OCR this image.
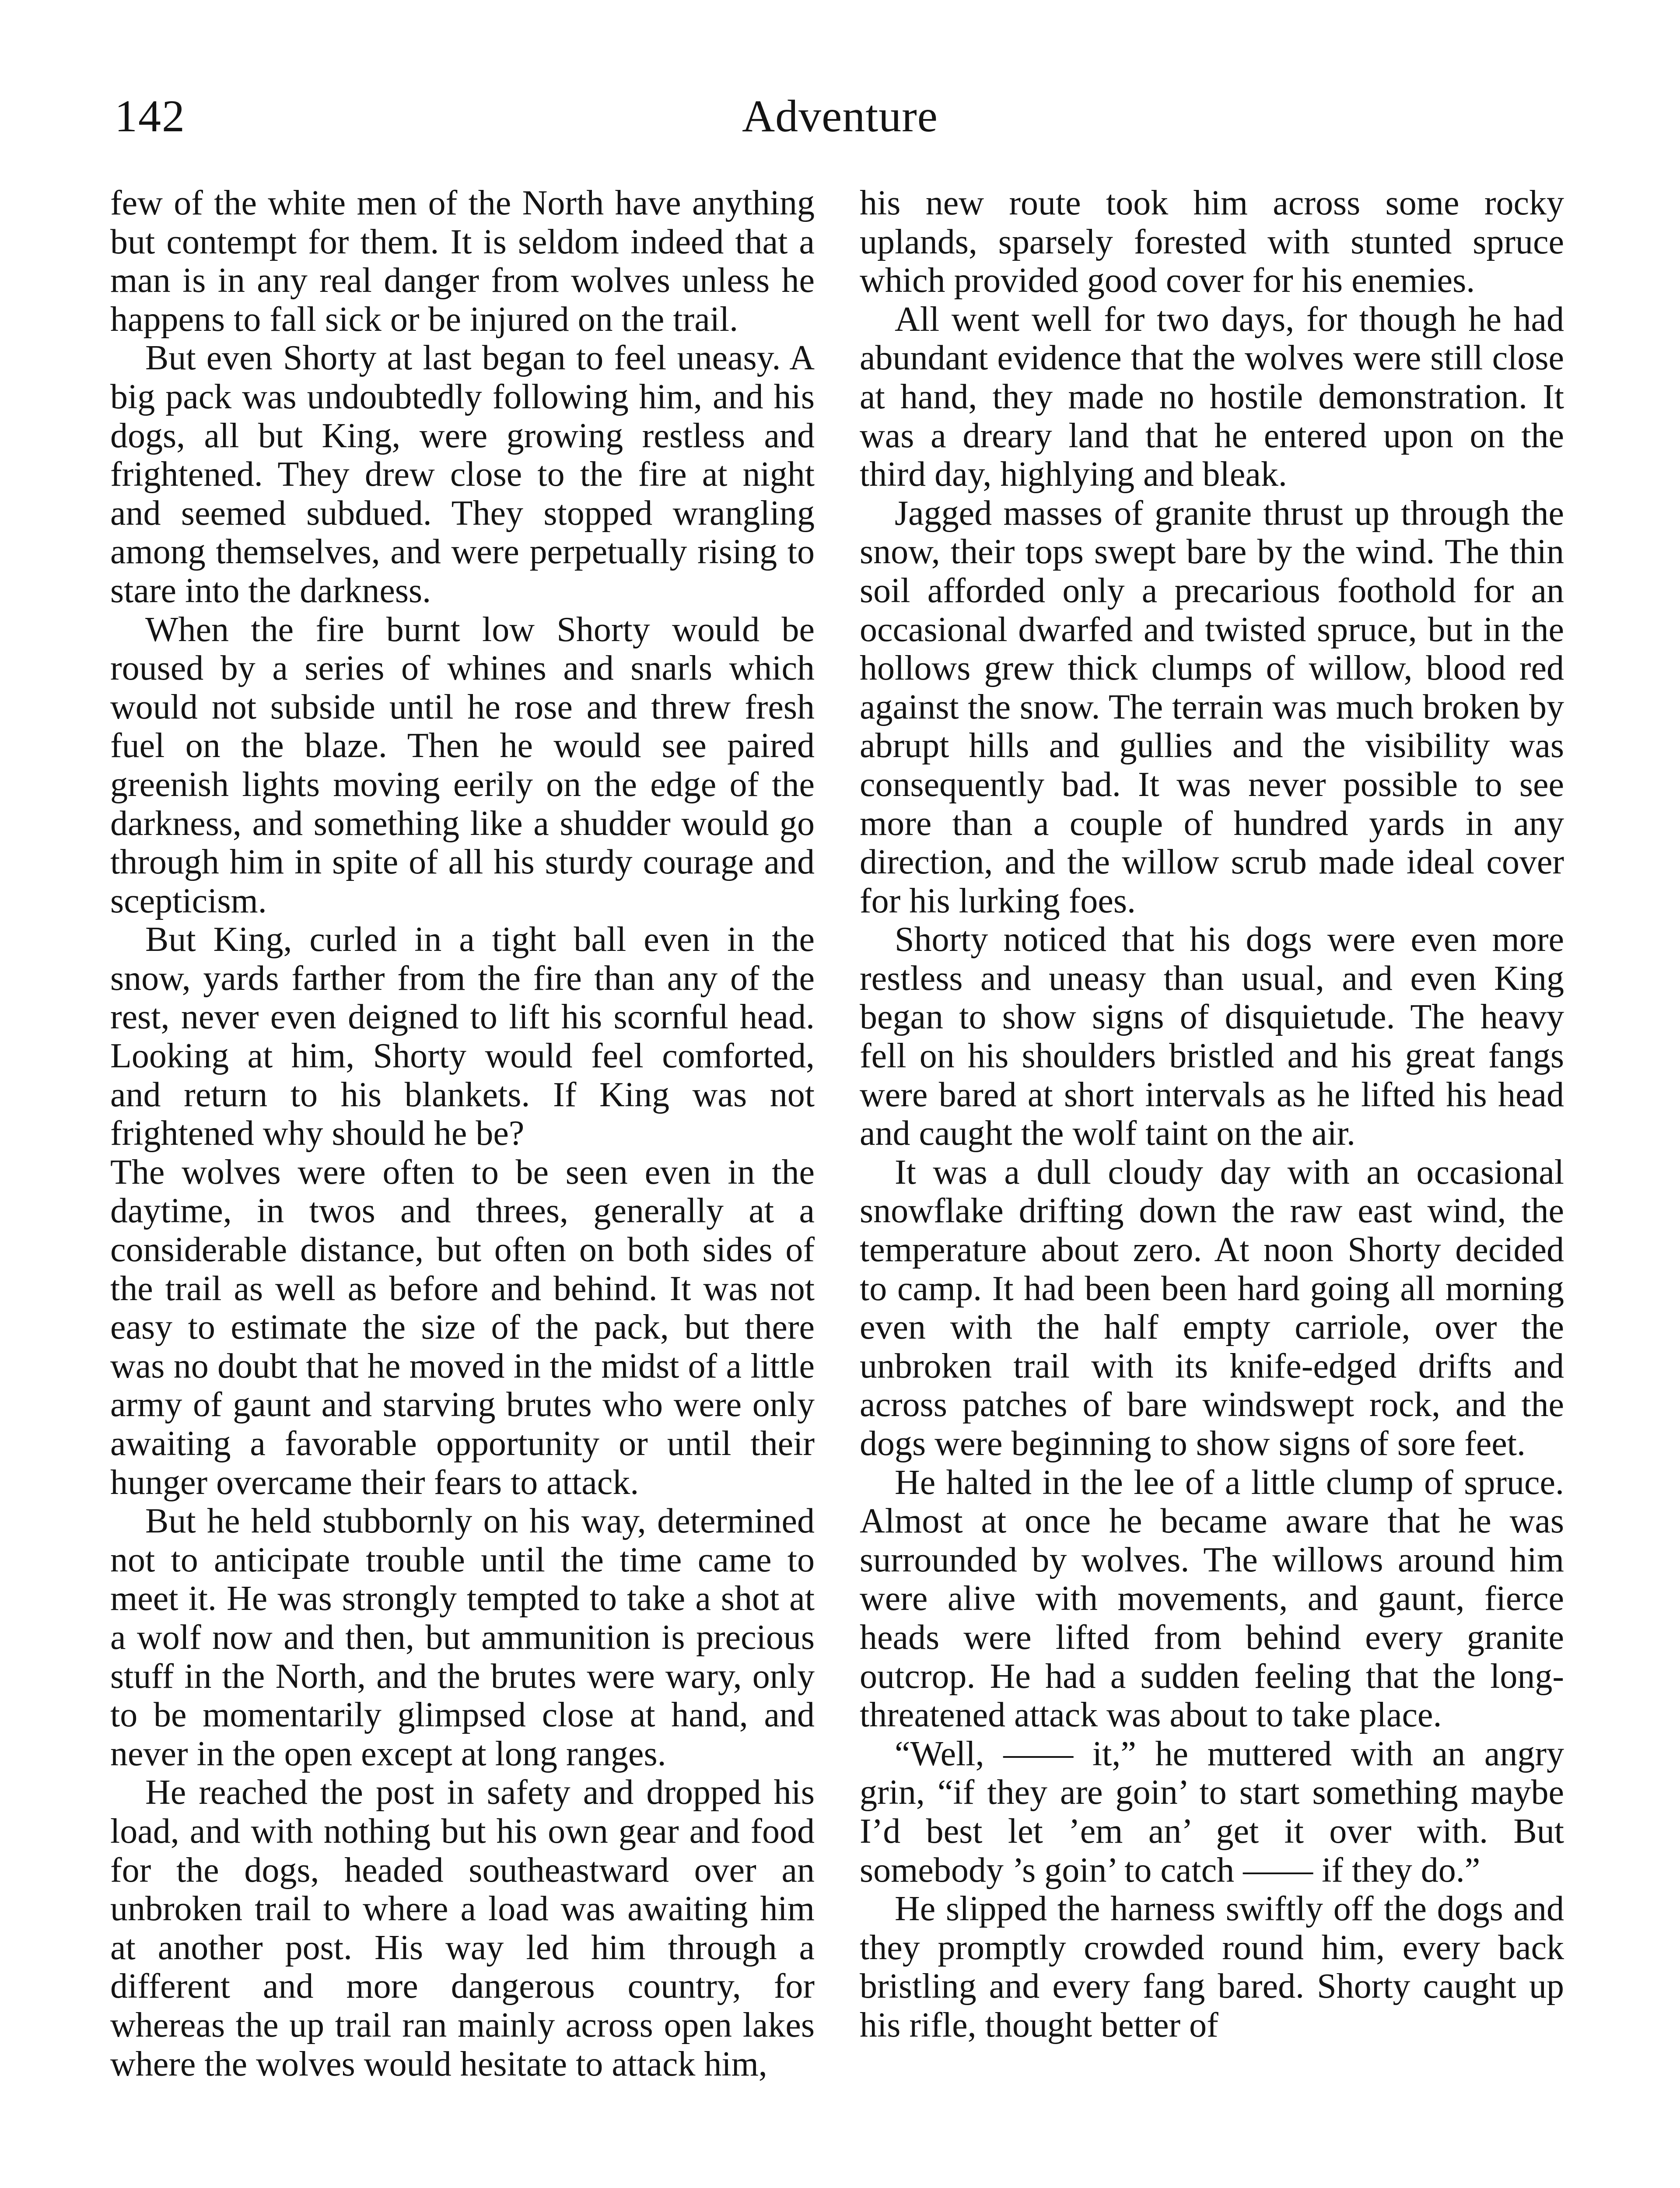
142	Adventure

few of the white men of the North have anything but contempt for them. It is seldom indeed that a man is in any real danger from wolves unless he happens to fall sick or be injured on the trail.

But even Shorty at last began to feel uneasy. A big pack was undoubtedly following him, and his dogs, all but King, were growing restless and frightened. They drew close to the fire at night and seemed subdued. They stopped wrangling among themselves, and were perpetually rising to stare into the darkness.

When the fire burnt low Shorty would be roused by a series of whines and snarls which would not subside until he rose and threw fresh fuel on the blaze. Then he would see paired greenish lights moving eerily on the edge of the darkness, and something like a shudder would go through him in spite of all his sturdy courage and scepticism.

But King, curled in a tight ball even in the snow, yards farther from the fire than any of the rest, never even deigned to lift his scornful head. Looking at him, Shorty would feel comforted, and return to his blankets. If King was not frightened why should he be?

The wolves were often to be seen even in the daytime, in twos and threes, generally at a considerable distance, but often on both sides of the trail as well as before and behind. It was not easy to estimate the size of the pack, but there was no doubt that he moved in the midst of a little army of gaunt and starving brutes who were only awaiting a favorable opportunity or until their hunger overcame their fears to attack.

But he held stubbornly on his way, determined not to anticipate trouble until the time came to meet it. He was strongly tempted to take a shot at a wolf now and then, but ammunition is precious stuff in the North, and the brutes were wary, only to be momentarily glimpsed close at hand, and never in the open except at long ranges.

He reached the post in safety and dropped his load, and with nothing but his own gear and food for the dogs, headed southeastward over an unbroken trail to where a load was awaiting him at another post. His way led him through a different and more dangerous country, for whereas the up trail ran mainly across open lakes where the wolves would hesitate to attack him,

his new route took him across some rocky uplands, sparsely forested with stunted spruce which provided good cover for his enemies.

All went well for two days, for though he had abundant evidence that the wolves were still close at hand, they made no hostile demonstration. It was a dreary land that he entered upon on the third day, highlying and bleak.

Jagged masses of granite thrust up through the snow, their tops swept bare by the wind. The thin soil afforded only a precarious foothold for an occasional dwarfed and twisted spruce, but in the hollows grew thick clumps of willow, blood red against the snow. The terrain was much broken by abrupt hills and gullies and the visibility was consequently bad. It was never possible to see more than a couple of hundred yards in any direction, and the willow scrub made ideal cover for his lurking foes.

Shorty noticed that his dogs were even more restless and uneasy than usual, and even King began to show signs of disquietude. The heavy fell on his shoulders bristled and his great fangs were bared at short intervals as he lifted his head and caught the wolf taint on the air.

It was a dull cloudy day with an occasional snowflake drifting down the raw east wind, the temperature about zero. At noon Shorty decided to camp. It had been been hard going all morning even with the half empty carriole, over the unbroken trail with its knife-edged drifts and across patches of bare windswept rock, and the dogs were beginning to show signs of sore feet.

He halted in the lee of a little clump of spruce. Almost at once he became aware that he was surrounded by wolves. The willows around him were alive with movements, and gaunt, fierce heads were lifted from behind every granite outcrop. He had a sudden feeling that the long-threatened attack was about to take place.

“Well, —— it,” he muttered with an angry grin, “if they are goin’ to start something maybe I’d best let ’em an’ get it over with. But somebody ’s goin’ to catch —— if they do.”

He slipped the harness swiftly off the dogs and they promptly crowded round him, every back bristling and every fang bared. Shorty caught up his rifle, thought better of
